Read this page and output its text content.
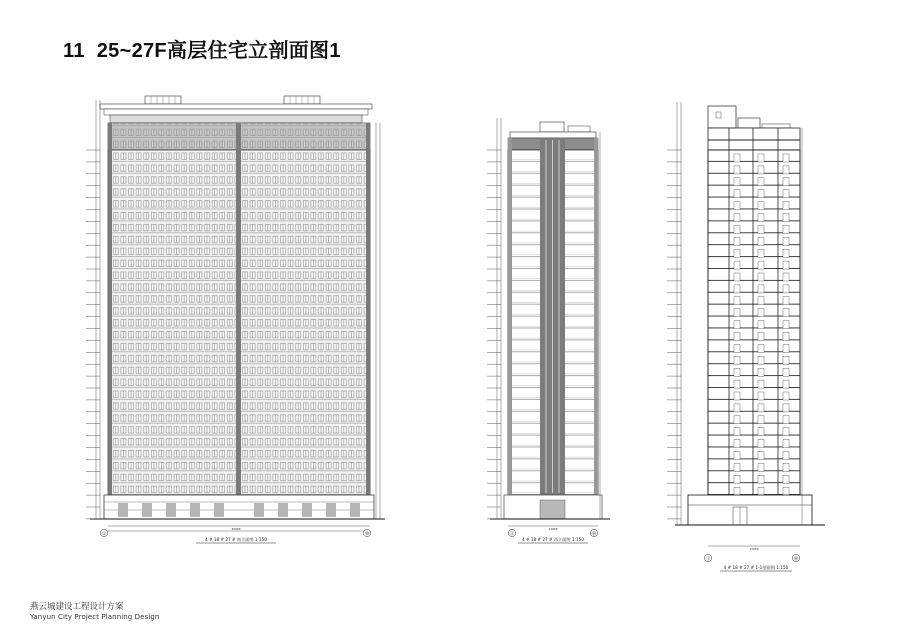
11 25~27F高层住宅立剖面图1
29600
①	⑩
4 # 18 # 27 # 南立面图 1:150
13000
Ⓐ	Ⓜ
4 # 18 # 27 # 西立面图 1:150
15000
Ⓐ	Ⓜ
4 # 18 # 27 # 1-1剖面图 1:150
燕云城建设工程设计方案
Yanyun City Project Planning Design
